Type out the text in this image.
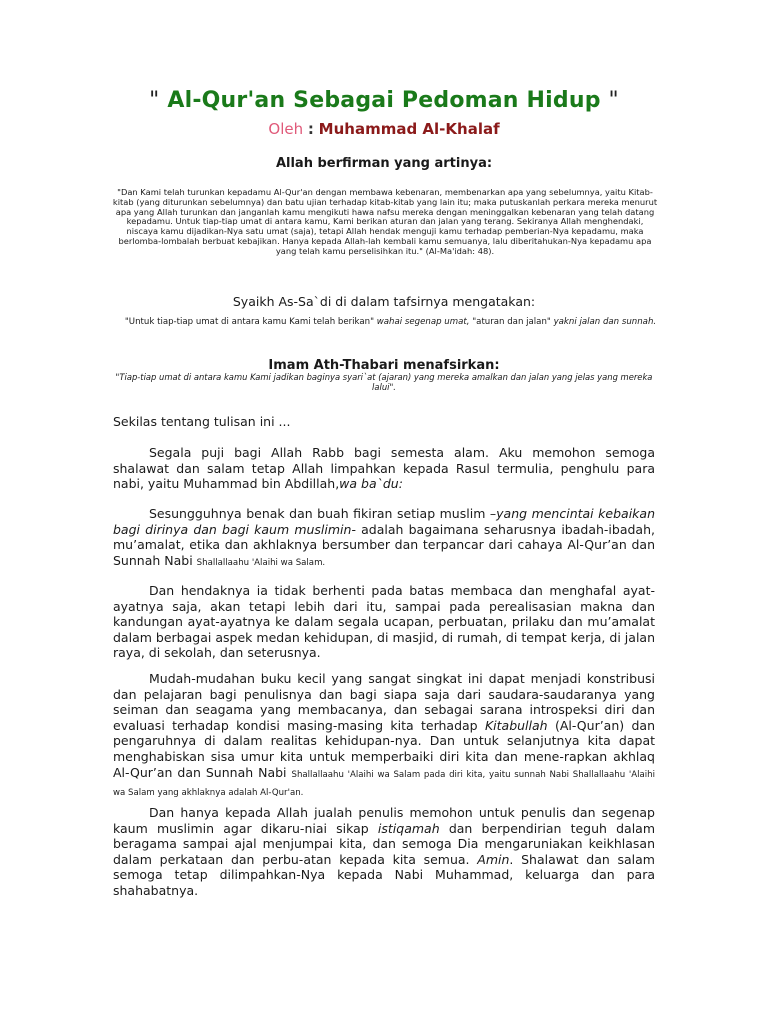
" Al-Qur'an Sebagai Pedoman Hidup "
Oleh : Muhammad Al-Khalaf
Allah berfirman yang artinya:
"Dan Kami telah turunkan kepadamu Al-Qur'an dengan membawa kebenaran, membenarkan apa yang sebelumnya, yaitu Kitab-kitab (yang diturunkan sebelumnya) dan batu ujian terhadap kitab-kitab yang lain itu; maka putuskanlah perkara mereka menurut apa yang Allah turunkan dan janganlah kamu mengikuti hawa nafsu mereka dengan meninggalkan kebenaran yang telah datang kepadamu. Untuk tiap-tiap umat di antara kamu, Kami berikan aturan dan jalan yang terang. Sekiranya Allah menghendaki, niscaya kamu dijadikan-Nya satu umat (saja), tetapi Allah hendak menguji kamu terhadap pemberian-Nya kepadamu, maka berlomba-lombalah berbuat kebajikan. Hanya kepada Allah-lah kembali kamu semuanya, lalu diberitahukan-Nya kepadamu apa yang telah kamu perselisihkan itu." (Al-Ma'idah: 48).
Syaikh As-Sa`di di dalam tafsirnya mengatakan:
"Untuk tiap-tiap umat di antara kamu Kami telah berikan" wahai segenap umat, "aturan dan jalan" yakni jalan dan sunnah.
Imam Ath-Thabari menafsirkan:
"Tiap-tiap umat di antara kamu Kami jadikan baginya syari`at (ajaran) yang mereka amalkan dan jalan yang jelas yang mereka lalui".
Sekilas tentang tulisan ini ...
Segala puji bagi Allah Rabb bagi semesta alam. Aku memohon semoga shalawat dan salam tetap Allah limpahkan kepada Rasul termulia, penghulu para nabi, yaitu Muhammad bin Abdillah,wa ba`du:
Sesungguhnya benak dan buah fikiran setiap muslim –yang mencintai kebaikan bagi dirinya dan bagi kaum muslimin- adalah bagaimana seharusnya ibadah-ibadah, mu’amalat, etika dan akhlaknya bersumber dan terpancar dari cahaya Al-Qur’an dan Sunnah Nabi Shallallaahu 'Alaihi wa Salam.
Dan hendaknya ia tidak berhenti pada batas membaca dan menghafal ayat-ayatnya saja, akan tetapi lebih dari itu, sampai pada perealisasian makna dan kandungan ayat-ayatnya ke dalam segala ucapan, perbuatan, prilaku dan mu’amalat dalam berbagai aspek medan kehidupan, di masjid, di rumah, di tempat kerja, di jalan raya, di sekolah, dan seterusnya.
Mudah-mudahan buku kecil yang sangat singkat ini dapat menjadi konstribusi dan pelajaran bagi penulisnya dan bagi siapa saja dari saudara-saudaranya yang seiman dan seagama yang membacanya, dan sebagai sarana introspeksi diri dan evaluasi terhadap kondisi masing-masing kita terhadap Kitabullah (Al-Qur’an) dan pengaruhnya di dalam realitas kehidupan-nya. Dan untuk selanjutnya kita dapat menghabiskan sisa umur kita untuk memperbaiki diri kita dan mene-rapkan akhlaq Al-Qur’an dan Sunnah Nabi Shallallaahu 'Alaihi wa Salam pada diri kita, yaitu sunnah Nabi Shallallaahu 'Alaihi wa Salam yang akhlaknya adalah Al-Qur'an.
Dan hanya kepada Allah jualah penulis memohon untuk penulis dan segenap kaum muslimin agar dikaru-niai sikap istiqamah dan berpendirian teguh dalam beragama sampai ajal menjumpai kita, dan semoga Dia mengaruniakan keikhlasan dalam perkataan dan perbu-atan kepada kita semua. Amin. Shalawat dan salam semoga tetap dilimpahkan-Nya kepada Nabi Muhammad, keluarga dan para shahabatnya.
